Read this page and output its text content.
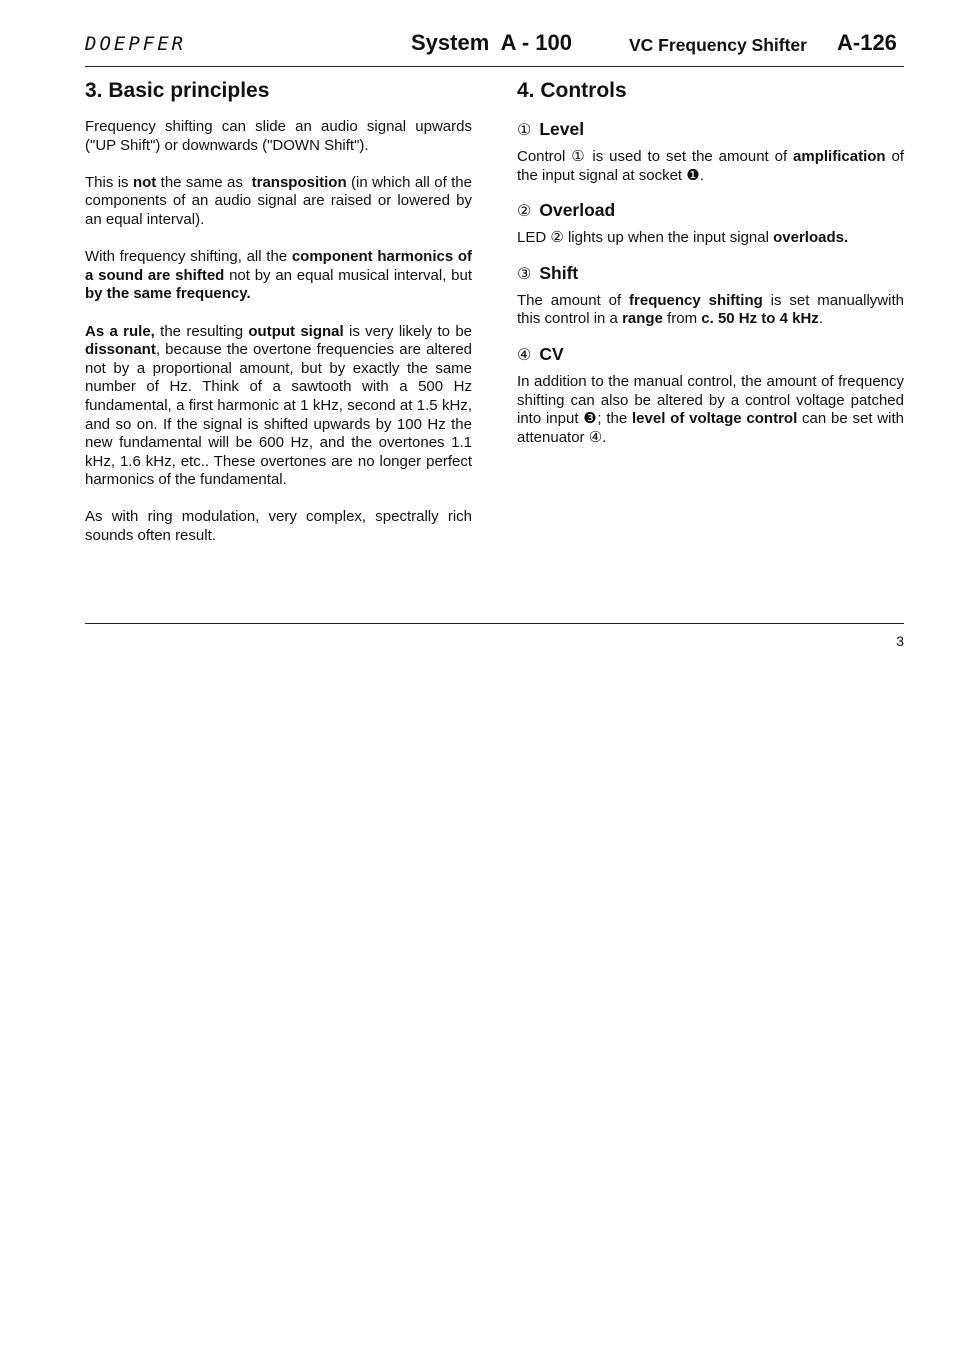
DOEPFER	System  A - 100	VC Frequency Shifter A-126
3. Basic principles

Frequency shifting can slide an audio signal upwards ("UP Shift") or downwards ("DOWN Shift").

This is not the same as  transposition (in which all of the components of an audio signal are raised or lowered by an equal interval).

With frequency shifting, all the component harmonics of a sound are shifted not by an equal musical interval, but by the same frequency.

As a rule, the resulting output signal is very likely to be dissonant, because the overtone frequencies are altered not by a proportional amount, but by exactly the same number of Hz. Think of a sawtooth with a 500 Hz fundamental, a first harmonic at 1 kHz, second at 1.5 kHz, and so on. If the signal is shifted upwards by 100 Hz the new fundamental will be 600 Hz, and the overtones 1.1 kHz, 1.6 kHz, etc.. These overtones are no longer perfect harmonics of the fundamental.

As with ring modulation, very complex, spectrally rich sounds often result.

4. Controls
① Level

Control ① is used to set the amount of amplification of the input signal at socket ❶.

② Overload

LED ② lights up when the input signal overloads.

③ Shift

The amount of frequency shifting is set manuallywith this control in a range from c. 50 Hz to 4 kHz.

④ CV

In addition to the manual control, the amount of frequency shifting can also be altered by a control voltage patched into input ❸; the level of voltage control can be set with attenuator ④.

3
